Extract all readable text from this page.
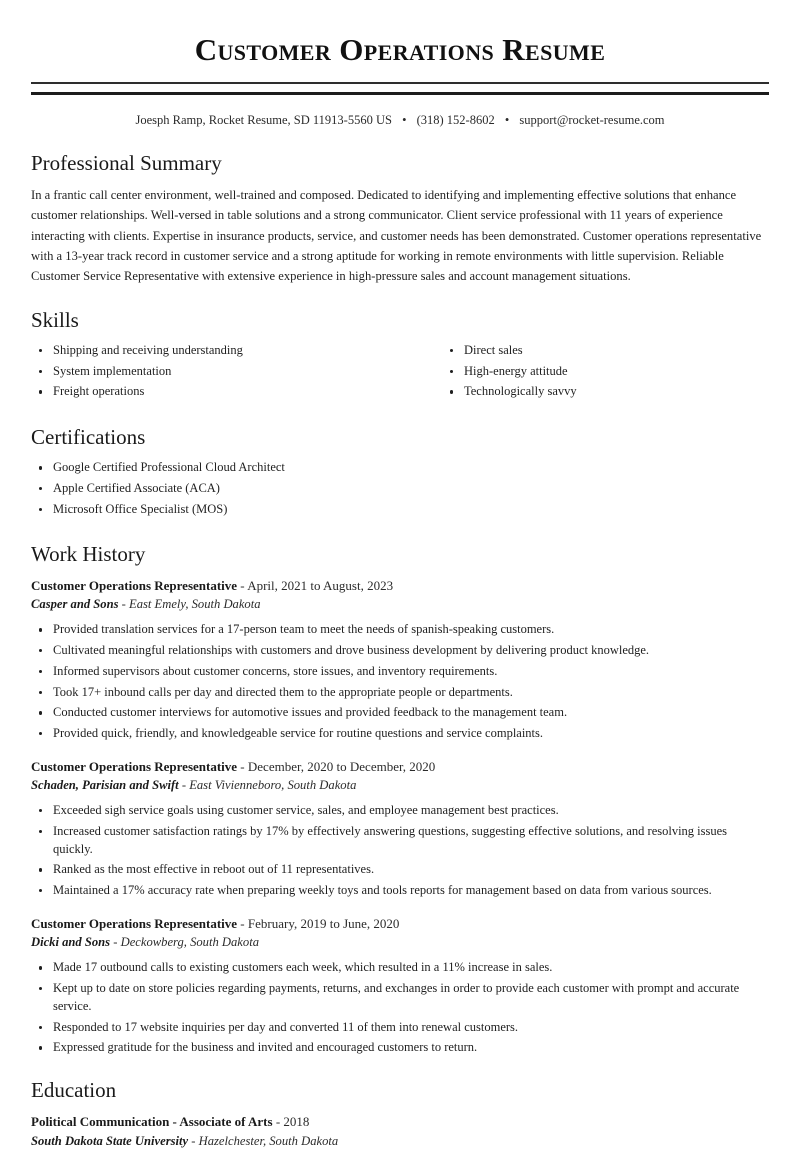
Customer Operations Resume
Joesph Ramp, Rocket Resume, SD 11913-5560 US • (318) 152-8602 • support@rocket-resume.com
Professional Summary

In a frantic call center environment, well-trained and composed. Dedicated to identifying and implementing effective solutions that enhance customer relationships. Well-versed in table solutions and a strong communicator. Client service professional with 11 years of experience interacting with clients. Expertise in insurance products, service, and customer needs has been demonstrated. Customer operations representative with a 13-year track record in customer service and a strong aptitude for working in remote environments with little supervision. Reliable Customer Service Representative with extensive experience in high-pressure sales and account management situations.

Skills
Shipping and receiving understanding
System implementation
Freight operations
Direct sales
High-energy attitude
Technologically savvy
Certifications
Google Certified Professional Cloud Architect
Apple Certified Associate (ACA)
Microsoft Office Specialist (MOS)
Work History
Customer Operations Representative - April, 2021 to August, 2023
Casper and Sons - East Emely, South Dakota
Provided translation services for a 17-person team to meet the needs of spanish-speaking customers.
Cultivated meaningful relationships with customers and drove business development by delivering product knowledge.
Informed supervisors about customer concerns, store issues, and inventory requirements.
Took 17+ inbound calls per day and directed them to the appropriate people or departments.
Conducted customer interviews for automotive issues and provided feedback to the management team.
Provided quick, friendly, and knowledgeable service for routine questions and service complaints.
Customer Operations Representative - December, 2020 to December, 2020
Schaden, Parisian and Swift - East Vivienneboro, South Dakota
Exceeded sigh service goals using customer service, sales, and employee management best practices.
Increased customer satisfaction ratings by 17% by effectively answering questions, suggesting effective solutions, and resolving issues quickly.
Ranked as the most effective in reboot out of 11 representatives.
Maintained a 17% accuracy rate when preparing weekly toys and tools reports for management based on data from various sources.
Customer Operations Representative - February, 2019 to June, 2020
Dicki and Sons - Deckowberg, South Dakota
Made 17 outbound calls to existing customers each week, which resulted in a 11% increase in sales.
Kept up to date on store policies regarding payments, returns, and exchanges in order to provide each customer with prompt and accurate service.
Responded to 17 website inquiries per day and converted 11 of them into renewal customers.
Expressed gratitude for the business and invited and encouraged customers to return.
Education
Political Communication - Associate of Arts - 2018
South Dakota State University - Hazelchester, South Dakota
